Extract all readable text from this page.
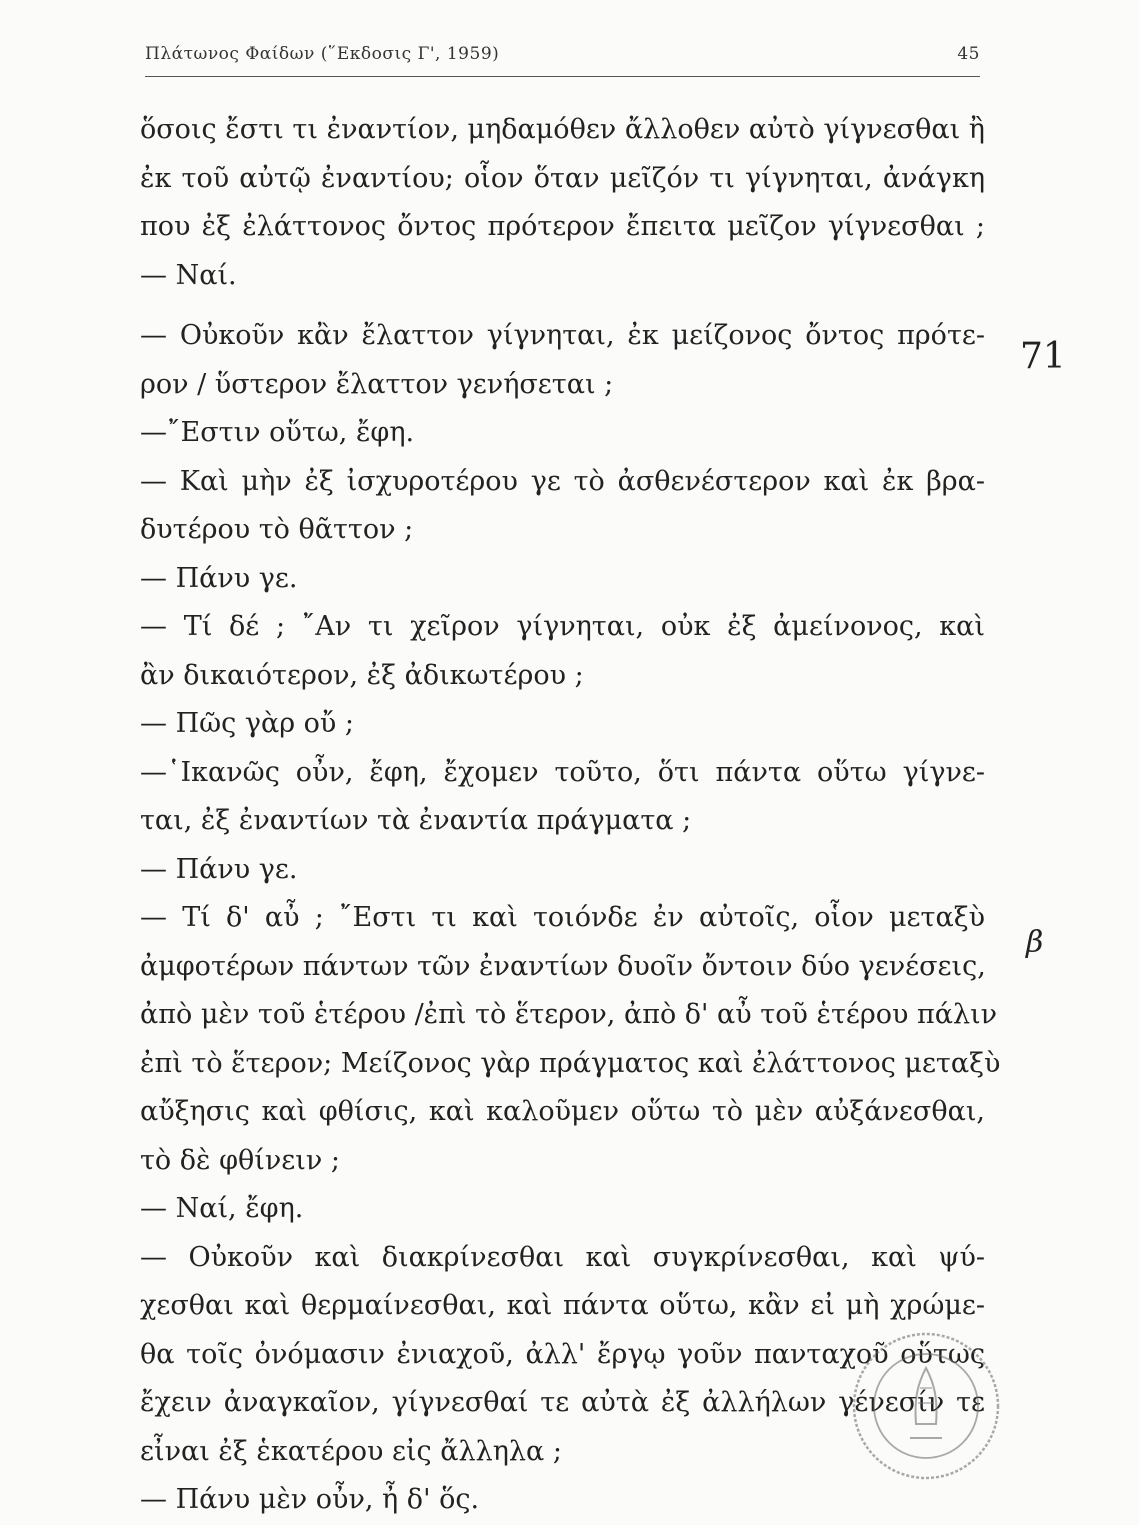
Πλάτωνος Φαίδων (῞Εκδοσις Γ', 1959)	45
ὅσοις ἔστι τι ἐναντίον, μηδαμόθεν ἄλλοθεν αὐτὸ γίγνεσθαι ἢ
ἐκ τοῦ αὐτῷ ἐναντίου; οἷον ὅταν μεῖζόν τι γίγνηται, ἀνάγκη
που ἐξ ἐλάττονος ὄντος πρότερον ἔπειτα μεῖζον γίγνεσθαι ;
— Ναί.
— Οὐκοῦν κἂν ἔλαττον γίγνηται, ἐκ μείζονος ὄντος πρότε-
ρον / ὕστερον ἔλαττον γενήσεται ;
—῎Εστιν οὕτω, ἔφη.
— Καὶ μὴν ἐξ ἰσχυροτέρου γε τὸ ἀσθενέστερον καὶ ἐκ βρα-
δυτέρου τὸ θᾶττον ;
— Πάνυ γε.
— Τί δέ ; ῎Αν τι χεῖρον γίγνηται, οὐκ ἐξ ἀμείνονος, καὶ
ἂν δικαιότερον, ἐξ ἀδικωτέρου ;
— Πῶς γὰρ οὔ ;
—῾Ικανῶς οὖν, ἔφη, ἔχομεν τοῦτο, ὅτι πάντα οὕτω γίγνε-
ται, ἐξ ἐναντίων τὰ ἐναντία πράγματα ;
— Πάνυ γε.
— Τί δ' αὖ ; ῎Εστι τι καὶ τοιόνδε ἐν αὐτοῖς, οἷον μεταξὺ
ἀμφοτέρων πάντων τῶν ἐναντίων δυοῖν ὄντοιν δύο γενέσεις,
ἀπὸ μὲν τοῦ ἑτέρου /ἐπὶ τὸ ἕτερον, ἀπὸ δ' αὖ τοῦ ἑτέρου πάλιν
ἐπὶ τὸ ἕτερον; Μείζονος γὰρ πράγματος καὶ ἐλάττονος μεταξὺ
αὔξησις καὶ φθίσις, καὶ καλοῦμεν οὕτω τὸ μὲν αὐξάνεσθαι,
τὸ δὲ φθίνειν ;
— Ναί, ἔφη.
— Οὐκοῦν καὶ διακρίνεσθαι καὶ συγκρίνεσθαι, καὶ ψύ-
χεσθαι καὶ θερμαίνεσθαι, καὶ πάντα οὕτω, κἂν εἰ μὴ χρώμε-
θα τοῖς ὀνόμασιν ἐνιαχοῦ, ἀλλ' ἔργῳ γοῦν πανταχοῦ οὕτως
ἔχειν ἀναγκαῖον, γίγνεσθαί τε αὐτὰ ἐξ ἀλλήλων γένεσίν τε
εἶναι ἐξ ἑκατέρου εἰς ἄλληλα ;
— Πάνυ μὲν οὖν, ἦ δ' ὅς.
71
β
